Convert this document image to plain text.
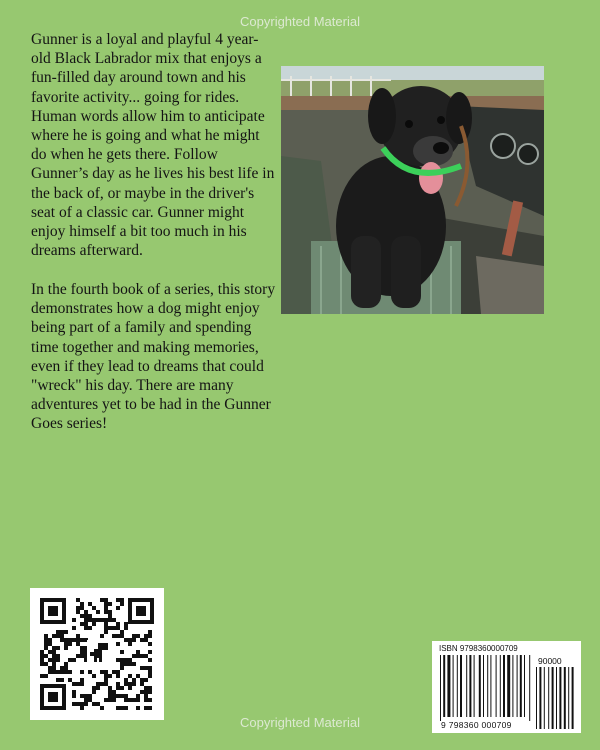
Copyrighted Material
Gunner is a loyal and playful 4 year-old Black Labrador mix that enjoys a fun-filled day around town and his favorite activity... going for rides. Human words allow him to anticipate where he is going and what he might do when he gets there. Follow Gunner’s day as he lives his best life in the back of, or maybe in the driver's seat of a classic car. Gunner might enjoy himself a bit too much in his dreams afterward.
In the fourth book of a series, this story demonstrates how a dog might enjoy being part of a family and spending time together and making memories, even if they lead to dreams that could "wreck" his day. There are many adventures yet to be had in the Gunner Goes series!
ISBN 9798360000709
90000
9 798360 000709
Copyrighted Material
